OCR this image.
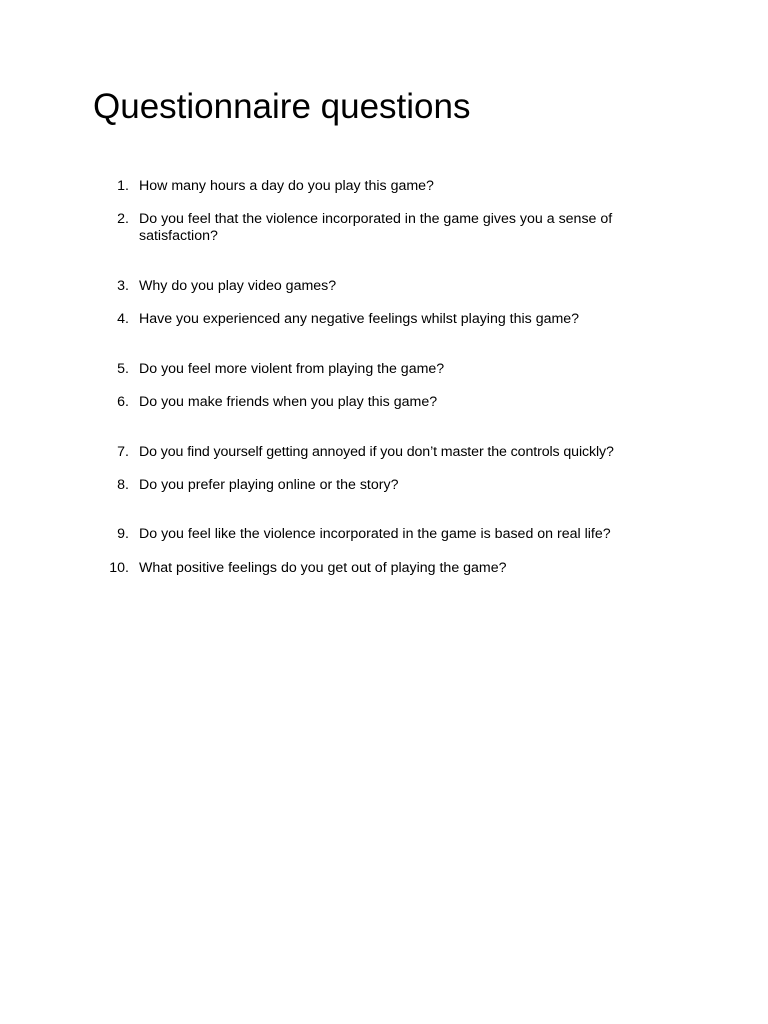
Questionnaire questions
1. How many hours a day do you play this game?
2. Do you feel that the violence incorporated in the game gives you a sense of satisfaction?
3. Why do you play video games?
4. Have you experienced any negative feelings whilst playing this game?
5. Do you feel more violent from playing the game?
6. Do you make friends when you play this game?
7. Do you find yourself getting annoyed if you don’t master the controls quickly?
8. Do you prefer playing online or the story?
9. Do you feel like the violence incorporated in the game is based on real life?
10. What positive feelings do you get out of playing the game?
